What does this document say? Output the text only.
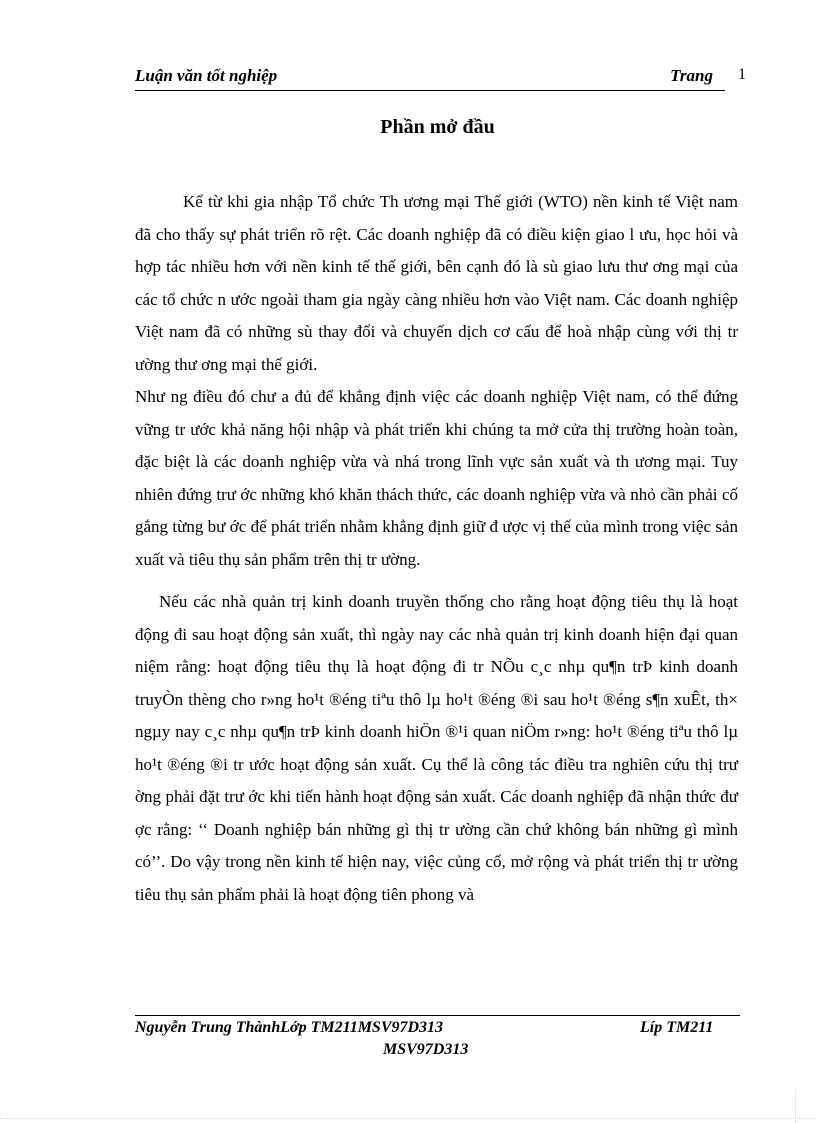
Luận văn tốt nghiệp	Trang 1
Phần mở đầu

Kể từ khi gia nhập Tổ chức Th ương mại Thế giới (WTO) nền kinh tế Việt nam đã cho thấy sự phát triển rõ rệt. Các doanh nghiệp đã có điều kiện giao l ưu, học hỏi và hợp tác nhiều hơn với nền kinh tế thế giới, bên cạnh đó là sù giao lưu thư ơng mại của các tổ chức n ước ngoài tham gia ngày càng nhiều hơn vào Việt nam. Các doanh nghiệp Việt nam đã có những sù thay đổi và chuyển dịch cơ cấu để hoà nhập cùng với thị tr ường thư ơng mại thế giới.

Như ng điều đó chư a đủ để khẳng định việc các doanh nghiệp Việt nam, có thể đứng vững tr ước khả năng hội nhập và phát triển khi chúng ta mở cửa thị trường hoàn toàn, đặc biệt là các doanh nghiệp vừa và nhá trong lĩnh vực sản xuất và th ương mại. Tuy nhiên đứng trư ớc những khó khăn thách thức, các doanh nghiệp vừa và nhỏ cần phải cố gắng từng bư ớc để phát triển nhằm khẳng định giữ đ ược vị thế của mình trong việc sản xuất và tiêu thụ sản phẩm trên thị tr ường.

Nếu các nhà quản trị kinh doanh truyền thống cho rằng hoạt động tiêu thụ là hoạt động đi sau hoạt động sản xuất, thì ngày nay các nhà quản trị kinh doanh hiện đại quan niệm rằng: hoạt động tiêu thụ là hoạt động đi tr NÕu c¸c nhµ qu¶n trÞ kinh doanh truyÒn thèng cho r»ng ho¹t ®éng tiªu thô lµ ho¹t ®éng ®i sau ho¹t ®éng s¶n xuÊt, th× ngµy nay c¸c nhµ qu¶n trÞ kinh doanh hiÖn ®¹i quan niÖm r»ng: ho¹t ®éng tiªu thô lµ ho¹t ®éng ®i tr ước hoạt động sản xuất. Cụ thể là công tác điều tra nghiên cứu thị trư ờng phải đặt trư ớc khi tiến hành hoạt động sản xuất. Các doanh nghiệp đã nhận thức đư ợc rằng: ‘‘ Doanh nghiệp bán những gì thị tr ường cần chứ không bán những gì mình có’’. Do vậy trong nền kinh tế hiện nay, việc củng cố, mở rộng và phát triển thị tr ường tiêu thụ sản phẩm phải là hoạt động tiên phong và

Nguyễn Trung ThànhLớp TM211MSV97D313	Líp TM211
MSV97D313
